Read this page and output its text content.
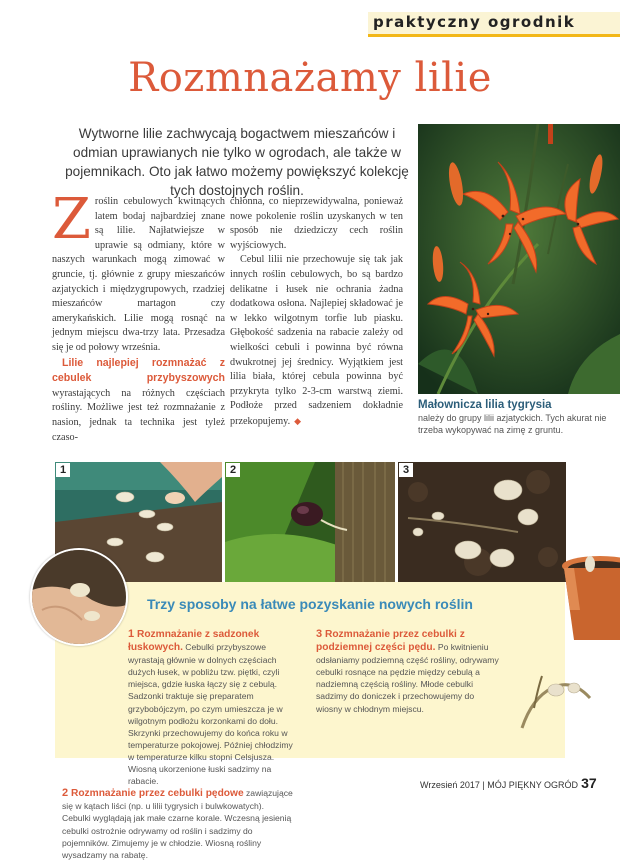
praktyczny ogrodnik
Rozmnażamy lilie
Wytworne lilie zachwycają bogactwem mieszańców i odmian uprawianych nie tylko w ogrodach, ale także w pojemnikach. Oto jak łatwo możemy powiększyć kolekcję tych dostojnych roślin.
Małownicza lilia tygrysia
należy do grupy lilii azjatyckich. Tych akurat nie trzeba wykopywać na zimę z gruntu.

Zroślin cebulowych kwitnących latem bodaj najbardziej znane są lilie. Najłatwiejsze w uprawie są odmiany, które w naszych warunkach mogą zimować w gruncie, tj. głównie z grupy mieszańców azjatyckich i międzygrupowych, rzadziej mieszańców martagon czy amerykańskich. Lilie mogą rosnąć na jednym miejscu dwa-trzy lata. Przesadza się je od połowy września.

Lilie najlepiej rozmnażać z cebulek przybyszowych wyrastających na różnych częściach rośliny. Możliwe jest też rozmnażanie z nasion, jednak ta technika jest tyleż czaso-

chłonna, co nieprzewidywalna, ponieważ nowe pokolenie roślin uzyskanych w ten sposób nie dziedziczy cech roślin wyjściowych.

Cebul lilii nie przechowuje się tak jak innych roślin cebulowych, bo są bardzo delikatne i łusek nie ochrania żadna dodatkowa osłona. Najlepiej składować je w lekko wilgotnym torfie lub piasku. Głębokość sadzenia na rabacie zależy od wielkości cebuli i powinna być równa dwukrotnej jej średnicy. Wyjątkiem jest lilia biała, której cebula powinna być przykryta tylko 2-3-cm warstwą ziemi. Podłoże przed sadzeniem dokładnie przekopujemy. ◆

1	2	3
Trzy sposoby na łatwe pozyskanie nowych roślin
1 Rozmnażanie z sadzonek łuskowych. Cebulki przybyszowe wyrastają głównie w dolnych częściach dużych łusek, w pobliżu tzw. piętki, czyli miejsca, gdzie łuska łączy się z cebulą. Sadzonki traktuje się preparatem grzybobójczym, po czym umieszcza je w wilgotnym podłożu korzonkami do dołu. Skrzynki przechowujemy do końca roku w temperaturze pokojowej. Później chłodzimy w temperaturze kilku stopni Celsjusza. Wiosną ukorzenione łuski sadzimy na rabacie.
2 Rozmnażanie przez cebulki pędowe zawiązujące się w kątach liści (np. u lilii tygrysich i bulwkowatych). Cebulki wyglądają jak małe czarne korale. Wczesną jesienią cebulki ostrożnie odrywamy od roślin i sadzimy do pojemników. Zimujemy je w chłodzie. Wiosną rośliny wysadzamy na rabatę.
3 Rozmnażanie przez cebulki z podziemnej części pędu. Po kwitnieniu odsłaniamy podziemną część rośliny, odrywamy cebulki rosnące na pędzie między cebulą a nadziemną częścią rośliny. Młode cebulki sadzimy do doniczek i przechowujemy do wiosny w chłodnym miejscu.
Wrzesień 2017 | MÓJ PIĘKNY OGRÓD 37
